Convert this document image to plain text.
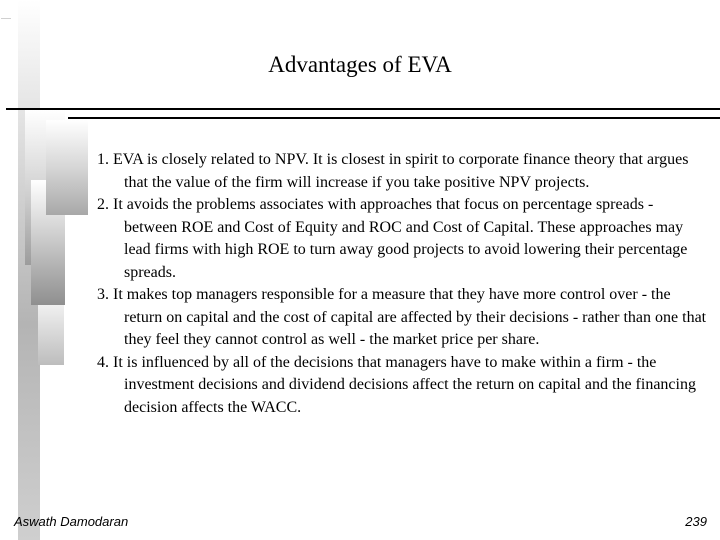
Advantages of EVA
1. EVA is closely related to NPV. It is closest in spirit to corporate finance theory that argues that the value of the firm will increase if you take positive NPV projects.
2. It avoids the problems associates with approaches that focus on percentage spreads - between ROE and Cost of Equity and ROC and Cost of Capital. These approaches may lead firms with high ROE to turn away good projects to avoid lowering their percentage spreads.
3. It makes top managers responsible for a measure that they have more control over - the return on capital and the cost of capital are affected by their decisions - rather than one that they feel they cannot control as well - the market price per share.
4. It is influenced by all of the decisions that managers have to make within a firm - the investment decisions and dividend decisions affect the return on capital and the financing decision affects the WACC.
Aswath Damodaran	239
